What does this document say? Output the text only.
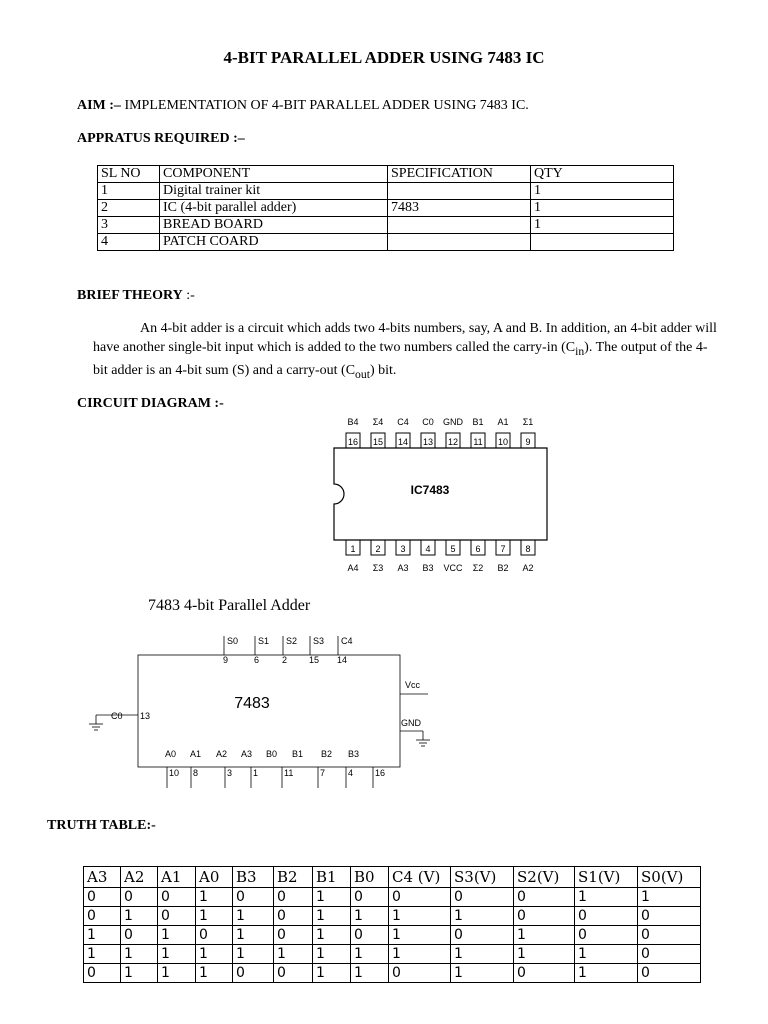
4-BIT PARALLEL ADDER USING 7483 IC
AIM :– IMPLEMENTATION OF 4-BIT PARALLEL ADDER USING 7483 IC.
APPRATUS REQUIRED :–
SL NO	COMPONENT	SPECIFICATION	QTY
1	Digital trainer kit		1
2	IC (4-bit parallel adder)	7483	1
3	BREAD BOARD		1
4	PATCH COARD		
BRIEF THEORY :-

An 4-bit adder is a circuit which adds two 4-bits numbers, say, A and B. In addition, an 4-bit adder will have another single-bit input which is added to the two numbers called the carry-in $(C_{in})$. The output of the 4-bit adder is an 4-bit sum (S) and a carry-out $(C_{out})$ bit.

CIRCUIT DIAGRAM :-
16
B4
15
Σ4
14
C4
13
C0
12
GND
11
B1
10
A1
9
Σ1
1
A4
2
Σ3
3
A3
4
B3
5
VCC
6
Σ2
7
B2
8
A2
IC7483
7483 4-bit Parallel Adder
7483
S0
9
S1
6
S2
2
S3
15
C4
14
A0
10
A1
8
A2
3
A3
1
B0
11
B1
7
B2
4
B3
16
C0 13
Vcc
GND
TRUTH TABLE:-
A3	A2	A1	A0	B3	B2	B1	B0	C4 (V)	S3(V)	S2(V)	S1(V)	S0(V)
0	0	0	1	0	0	1	0	0	0	0	1	1
0	1	0	1	1	0	1	1	1	1	0	0	0
1	0	1	0	1	0	1	0	1	0	1	0	0
1	1	1	1	1	1	1	1	1	1	1	1	0
0	1	1	1	0	0	1	1	0	1	0	1	0
